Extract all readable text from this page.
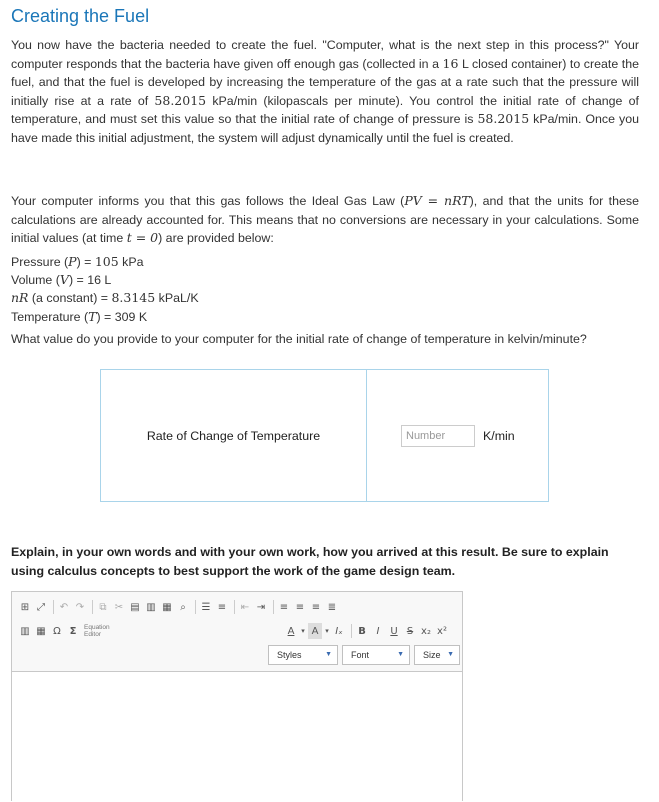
Creating the Fuel

You now have the bacteria needed to create the fuel. "Computer, what is the next step in this process?" Your computer responds that the bacteria have given off enough gas (collected in a 16 L closed container) to create the fuel, and that the fuel is developed by increasing the temperature of the gas at a rate such that the pressure will initially rise at a rate of 58.2015 kPa/min (kilopascals per minute). You control the initial rate of change of temperature, and must set this value so that the initial rate of change of pressure is 58.2015 kPa/min. Once you have made this initial adjustment, the system will adjust dynamically until the fuel is created.

Your computer informs you that this gas follows the Ideal Gas Law (PV = nRT), and that the units for these calculations are already accounted for. This means that no conversions are necessary in your calculations. Some initial values (at time t = 0) are provided below:

Pressure (P) = 105 kPa
Volume (V) = 16 L
nR (a constant) = 8.3145 kPaL/K
Temperature (T) = 309 K

What value do you provide to your computer for the initial rate of change of temperature in kelvin/minute?

Rate of Change of Temperature
Number	K/min

Explain, in your own words and with your own work, how you arrived at this result. Be sure to explain using calculus concepts to best support the work of the game design team.

⊞ ⤢	↶ ↷	⧉ ✂ ▤ ▥ ▦ ⌕	☰ ≡ ⇤ ⇥ ≡ ≡ ≡ ≣
▥ ▦ Ω Σ	Equation
Editor	A ▾ A ▾ Iₓ	B	I	U S x₂ x²
Styles	▼ Font	▼ Size ▼
